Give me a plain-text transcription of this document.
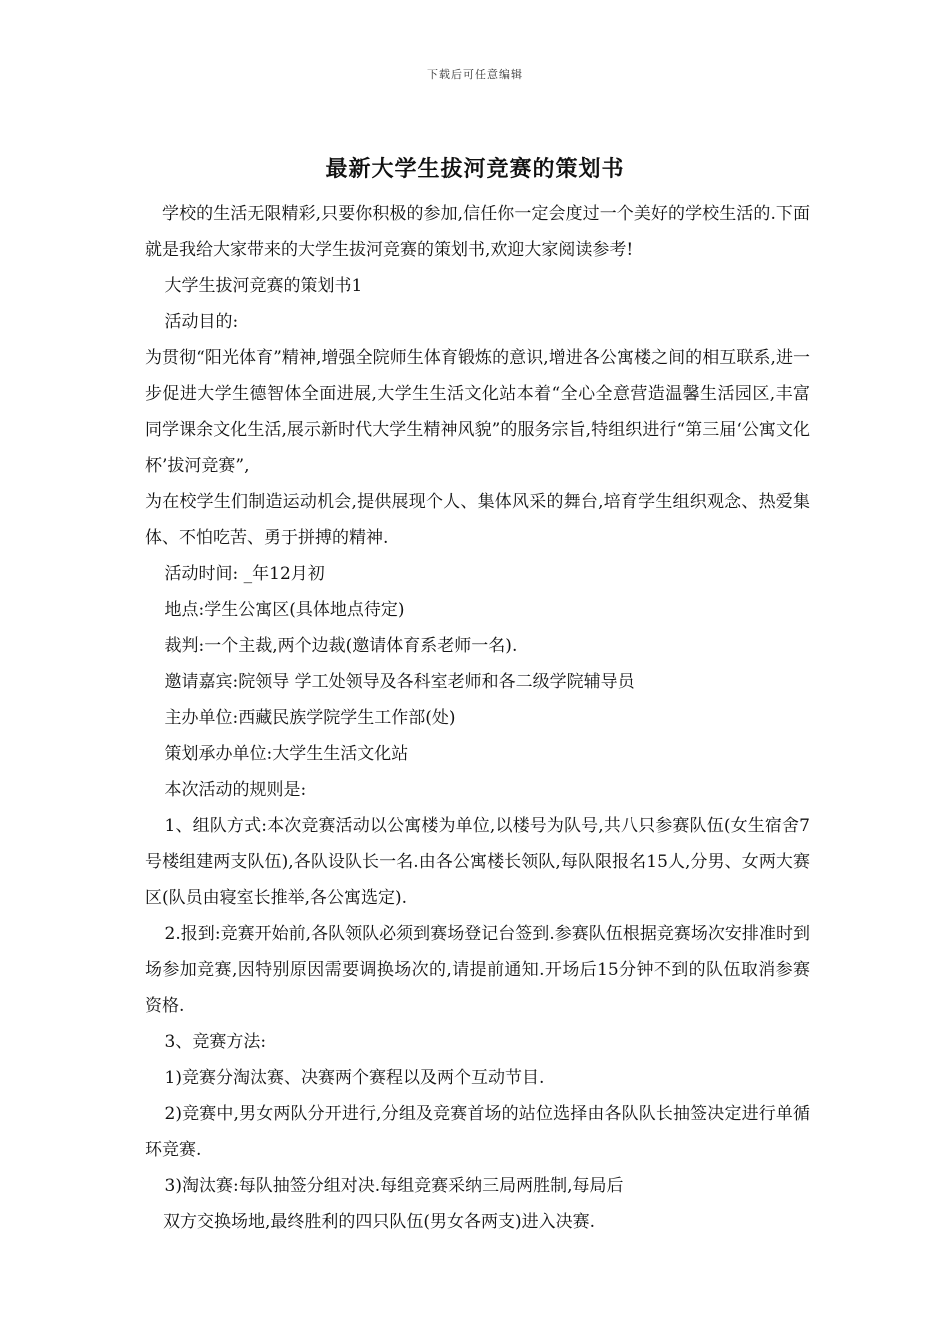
下载后可任意编辑
最新大学生拔河竞赛的策划书

学校的生活无限精彩,只要你积极的参加,信任你一定会度过一个美好的学校生活的.下面就是我给大家带来的大学生拔河竞赛的策划书,欢迎大家阅读参考!

大学生拔河竞赛的策划书1

活动目的:

为贯彻“阳光体育”精神,增强全院师生体育锻炼的意识,增进各公寓楼之间的相互联系,进一步促进大学生德智体全面进展,大学生生活文化站本着“全心全意营造温馨生活园区,丰富同学课余文化生活,展示新时代大学生精神风貌”的服务宗旨,特组织进行“第三届‘公寓文化杯’拔河竞赛”,

为在校学生们制造运动机会,提供展现个人、集体风采的舞台,培育学生组织观念、热爱集体、不怕吃苦、勇于拼搏的精神.

活动时间: _年12月初

地点:学生公寓区(具体地点待定)

裁判:一个主裁,两个边裁(邀请体育系老师一名).

邀请嘉宾:院领导 学工处领导及各科室老师和各二级学院辅导员

主办单位:西藏民族学院学生工作部(处)

策划承办单位:大学生生活文化站

本次活动的规则是:

1、组队方式:本次竞赛活动以公寓楼为单位,以楼号为队号,共八只参赛队伍(女生宿舍7号楼组建两支队伍),各队设队长一名.由各公寓楼长领队,每队限报名15人,分男、女两大赛区(队员由寝室长推举,各公寓选定).

2.报到:竞赛开始前,各队领队必须到赛场登记台签到.参赛队伍根据竞赛场次安排准时到场参加竞赛,因特别原因需要调换场次的,请提前通知.开场后15分钟不到的队伍取消参赛资格.

3、竞赛方法:

1)竞赛分淘汰赛、决赛两个赛程以及两个互动节目.

2)竞赛中,男女两队分开进行,分组及竞赛首场的站位选择由各队队长抽签决定进行单循环竞赛.

3)淘汰赛:每队抽签分组对决.每组竞赛采纳三局两胜制,每局后

双方交换场地,最终胜利的四只队伍(男女各两支)进入决赛.
